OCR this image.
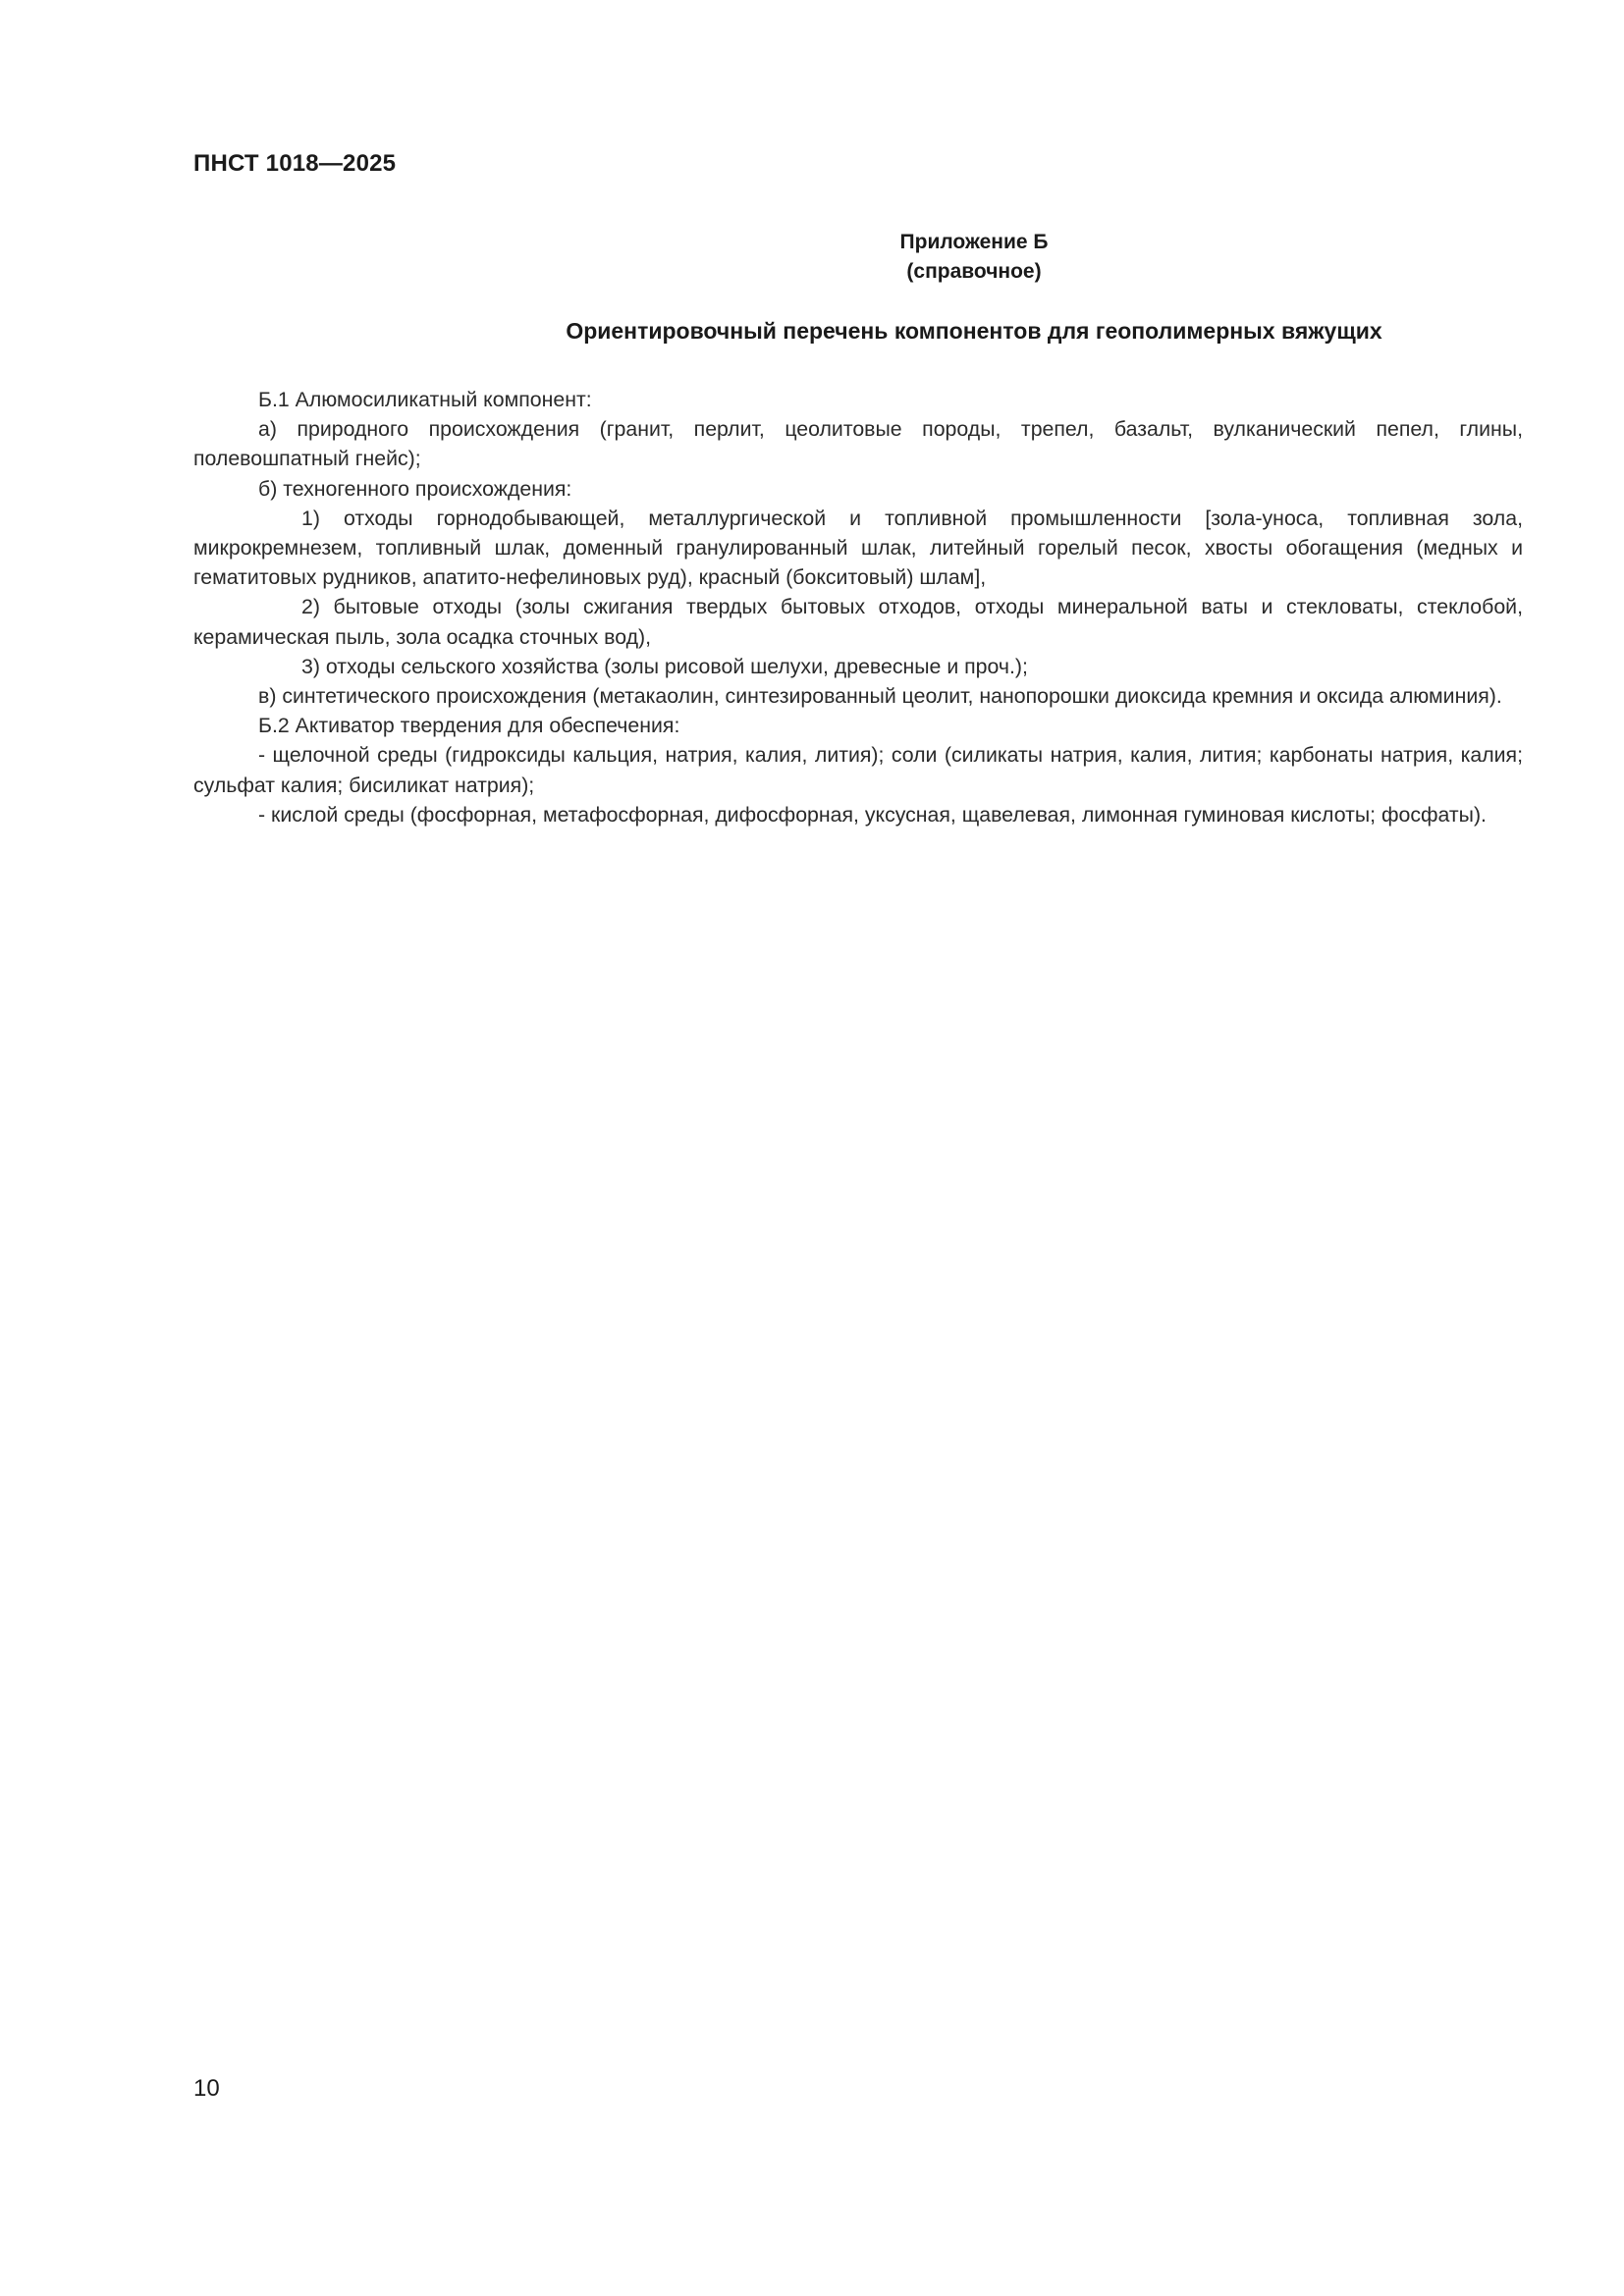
ПНСТ 1018—2025
Приложение Б
(справочное)
Ориентировочный перечень компонентов для геополимерных вяжущих

Б.1 Алюмосиликатный компонент:

а) природного происхождения (гранит, перлит, цеолитовые породы, трепел, базальт, вулканический пепел, глины, полевошпатный гнейс);

б) техногенного происхождения:

1) отходы горнодобывающей, металлургической и топливной промышленности [зола-уноса, топливная зола, микрокремнезем, топливный шлак, доменный гранулированный шлак, литейный горелый песок, хвосты обогащения (медных и гематитовых рудников, апатито-нефелиновых руд), красный (бокситовый) шлам],

2) бытовые отходы (золы сжигания твердых бытовых отходов, отходы минеральной ваты и стекловаты, стеклобой, керамическая пыль, зола осадка сточных вод),

3) отходы сельского хозяйства (золы рисовой шелухи, древесные и проч.);

в) синтетического происхождения (метакаолин, синтезированный цеолит, нанопорошки диоксида кремния и оксида алюминия).

Б.2 Активатор твердения для обеспечения:

- щелочной среды (гидроксиды кальция, натрия, калия, лития); соли (силикаты натрия, калия, лития; карбонаты натрия, калия; сульфат калия; бисиликат натрия);

- кислой среды (фосфорная, метафосфорная, дифосфорная, уксусная, щавелевая, лимонная гуминовая кислоты; фосфаты).

10
